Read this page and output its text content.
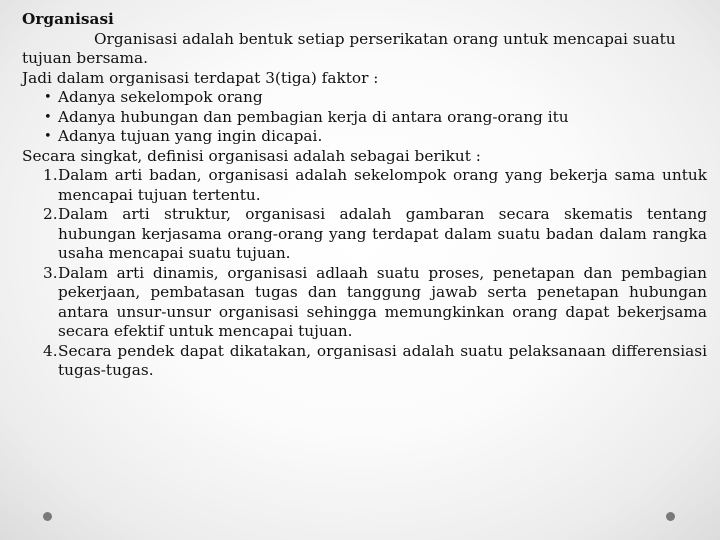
Organisasi
Organisasi adalah bentuk setiap perserikatan orang untuk mencapai suatu tujuan bersama.
Jadi dalam organisasi terdapat 3(tiga) faktor :
• Adanya sekelompok orang
• Adanya hubungan dan pembagian kerja di antara orang-orang itu
• Adanya tujuan yang ingin dicapai.
Secara singkat, definisi organisasi adalah sebagai berikut :
1. Dalam arti badan, organisasi adalah sekelompok orang yang bekerja sama untuk mencapai tujuan tertentu.
2. Dalam arti struktur, organisasi adalah gambaran secara skematis tentang hubungan kerjasama orang-orang yang terdapat dalam suatu badan dalam rangka usaha mencapai suatu tujuan.
3. Dalam arti dinamis, organisasi adlaah suatu proses, penetapan dan pembagian pekerjaan, pembatasan tugas dan tanggung jawab serta penetapan hubungan antara unsur-unsur organisasi sehingga memungkinkan orang dapat bekerjsama secara efektif untuk mencapai tujuan.
4. Secara pendek dapat dikatakan, organisasi adalah suatu pelaksanaan differensiasi tugas-tugas.
